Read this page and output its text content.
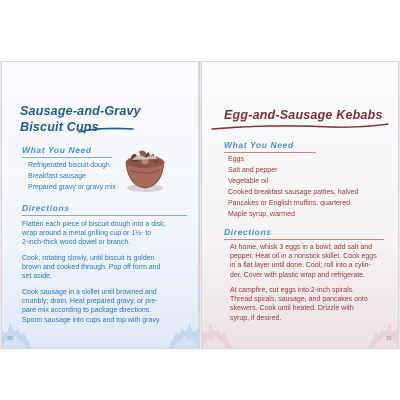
Sausage-and-Gravy
Biscuit Cups
What You Need
Refrigerated biscuit dough
Breakfast sausage
Prepared gravy or gravy mix
Directions
Flatten each piece of biscuit dough into a disk;
wrap around a metal grilling cup or 1½- to
2-inch-thick wood dowel or branch.
Cook, rotating slowly, until biscuit is golden
brown and cooked through. Pop off form and
set aside.
Cook sausage in a skillet until browned and
crumbly; drain. Heat prepared gravy, or pre-
pare mix according to package directions.
Spoon sausage into cups and top with gravy.
30
Egg-and-Sausage Kebabs
What You Need
Eggs
Salt and pepper
Vegetable oil
Cooked breakfast sausage patties, halved
Pancakes or English muffins, quartered
Maple syrup, warmed
Directions
At home, whisk 3 eggs in a bowl; add salt and
pepper. Heat oil in a nonstick skillet. Cook eggs
in a flat layer until done. Cool; roll into a cylin-
der. Cover with plastic wrap and refrigerate.
At campfire, cut eggs into 2-inch spirals.
Thread spirals, sausage, and pancakes onto
skewers. Cook until heated. Drizzle with
syrup, if desired.
31
